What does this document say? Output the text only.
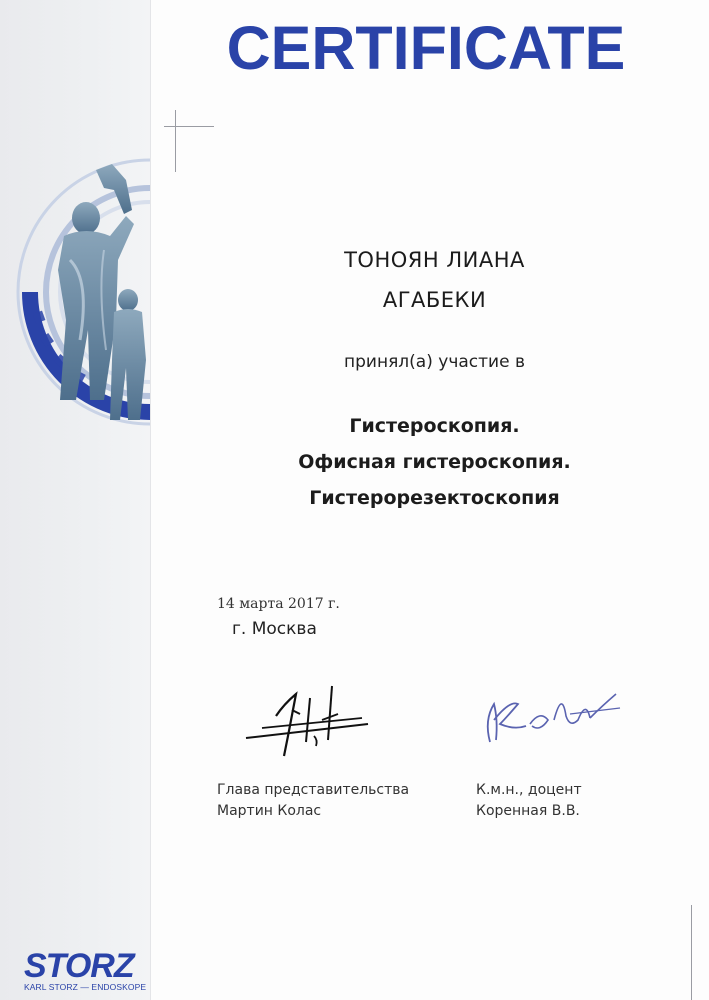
CERTIFICATE
ТОНОЯН ЛИАНА
АГАБЕКИ
принял(а) участие в
Гистероскопия.
Офисная гистероскопия.
Гистерорезектоскопия
14 марта 2017 г.
г. Москва
Глава представительства
Мартин Колас
К.м.н., доцент
Коренная В.В.
STORZ
KARL STORZ — ENDOSKOPE
